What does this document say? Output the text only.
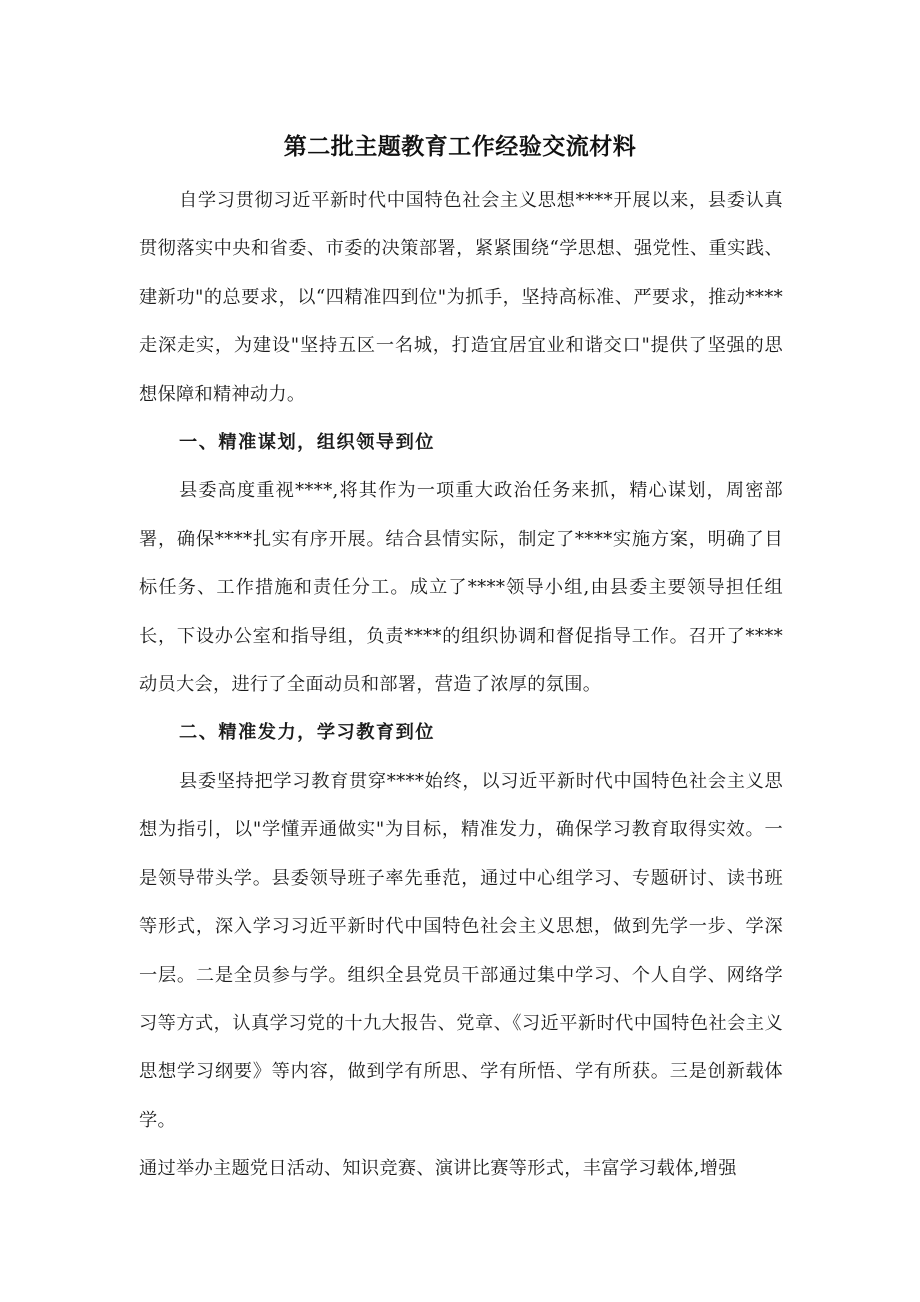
第二批主题教育工作经验交流材料

自学习贯彻习近平新时代中国特色社会主义思想****开展以来，县委认真贯彻落实中央和省委、市委的决策部署，紧紧围绕“学思想、强党性、重实践、建新功"的总要求，以“四精准四到位"为抓手，坚持高标准、严要求，推动****走深走实，为建设"坚持五区一名城，打造宜居宜业和谐交口"提供了坚强的思想保障和精神动力。

一、精准谋划，组织领导到位

县委高度重视****,将其作为一项重大政治任务来抓，精心谋划，周密部署，确保****扎实有序开展。结合县情实际，制定了****实施方案，明确了目标任务、工作措施和责任分工。成立了****领导小组,由县委主要领导担任组长，下设办公室和指导组，负责****的组织协调和督促指导工作。召开了****动员大会，进行了全面动员和部署，营造了浓厚的氛围。

二、精准发力，学习教育到位

县委坚持把学习教育贯穿****始终，以习近平新时代中国特色社会主义思想为指引，以"学懂弄通做实"为目标，精准发力，确保学习教育取得实效。一是领导带头学。县委领导班子率先垂范，通过中心组学习、专题研讨、读书班等形式，深入学习习近平新时代中国特色社会主义思想，做到先学一步、学深一层。二是全员参与学。组织全县党员干部通过集中学习、个人自学、网络学习等方式，认真学习党的十九大报告、党章、《习近平新时代中国特色社会主义思想学习纲要》等内容，做到学有所思、学有所悟、学有所获。三是创新载体学。

通过举办主题党日活动、知识竞赛、演讲比赛等形式，丰富学习载体,增强
